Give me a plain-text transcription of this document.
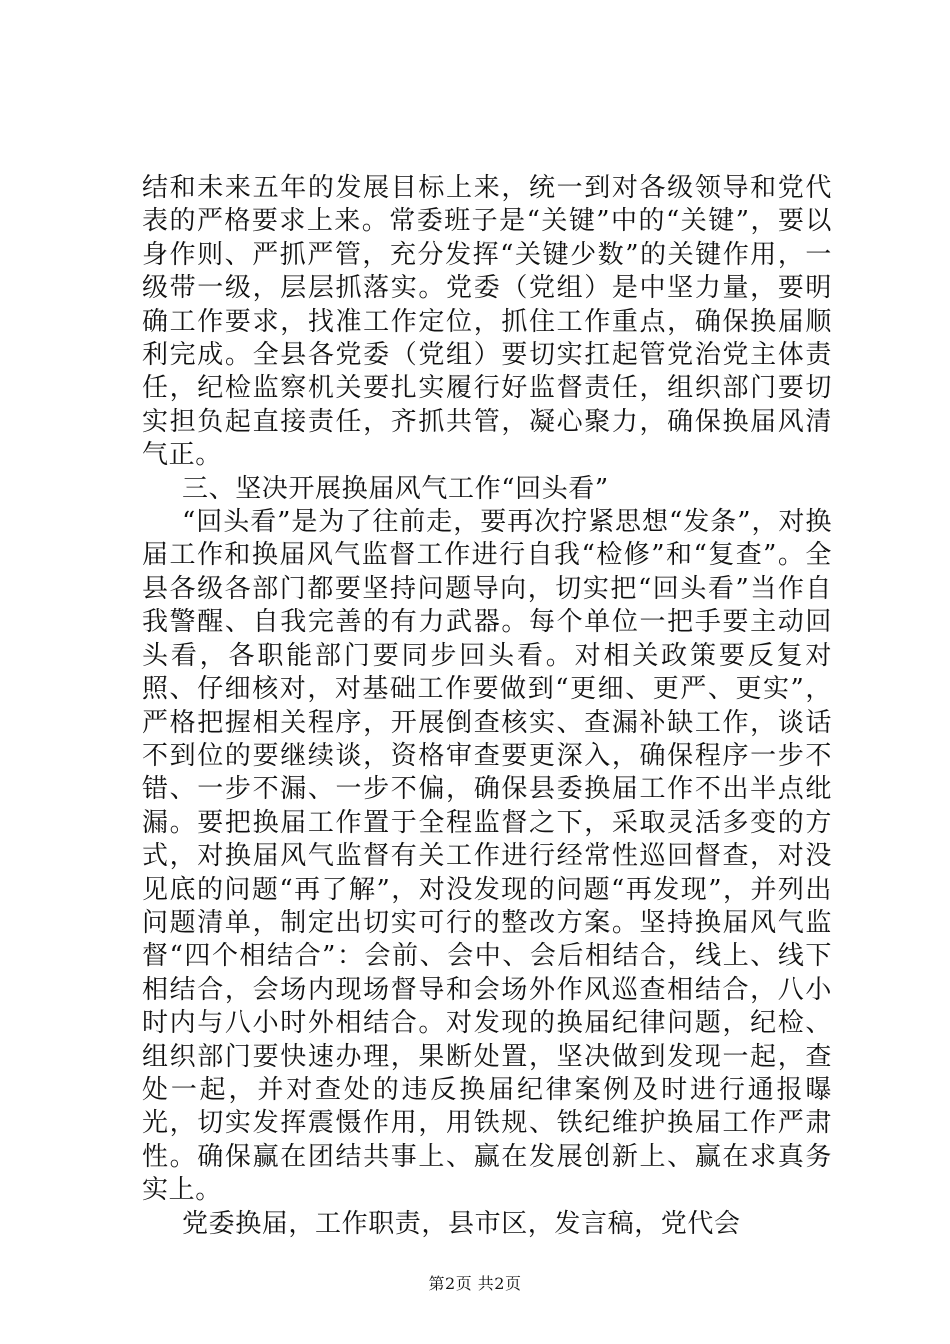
结和未来五年的发展目标上来，统一到对各级领导和党代表的严格要求上来。常委班子是“关键”中的“关键”，要以身作则、严抓严管，充分发挥“关键少数”的关键作用，一级带一级，层层抓落实。党委（党组）是中坚力量，要明确工作要求，找准工作定位，抓住工作重点，确保换届顺利完成。全县各党委（党组）要切实扛起管党治党主体责任，纪检监察机关要扎实履行好监督责任，组织部门要切实担负起直接责任，齐抓共管，凝心聚力，确保换届风清气正。

三、坚决开展换届风气工作“回头看”

“回头看”是为了往前走，要再次拧紧思想“发条”，对换届工作和换届风气监督工作进行自我“检修”和“复查”。全县各级各部门都要坚持问题导向，切实把“回头看”当作自我警醒、自我完善的有力武器。每个单位一把手要主动回头看，各职能部门要同步回头看。对相关政策要反复对照、仔细核对，对基础工作要做到“更细、更严、更实”，严格把握相关程序，开展倒查核实、查漏补缺工作，谈话不到位的要继续谈，资格审查要更深入，确保程序一步不错、一步不漏、一步不偏，确保县委换届工作不出半点纰漏。要把换届工作置于全程监督之下，采取灵活多变的方式，对换届风气监督有关工作进行经常性巡回督查，对没见底的问题“再了解”，对没发现的问题“再发现”，并列出问题清单，制定出切实可行的整改方案。坚持换届风气监督“四个相结合”：会前、会中、会后相结合，线上、线下相结合，会场内现场督导和会场外作风巡查相结合，八小时内与八小时外相结合。对发现的换届纪律问题，纪检、组织部门要快速办理，果断处置，坚决做到发现一起，查处一起，并对查处的违反换届纪律案例及时进行通报曝光，切实发挥震慑作用，用铁规、铁纪维护换届工作严肃性。确保赢在团结共事上、赢在发展创新上、赢在求真务实上。

党委换届，工作职责，县市区，发言稿，党代会

第2页 共2页
